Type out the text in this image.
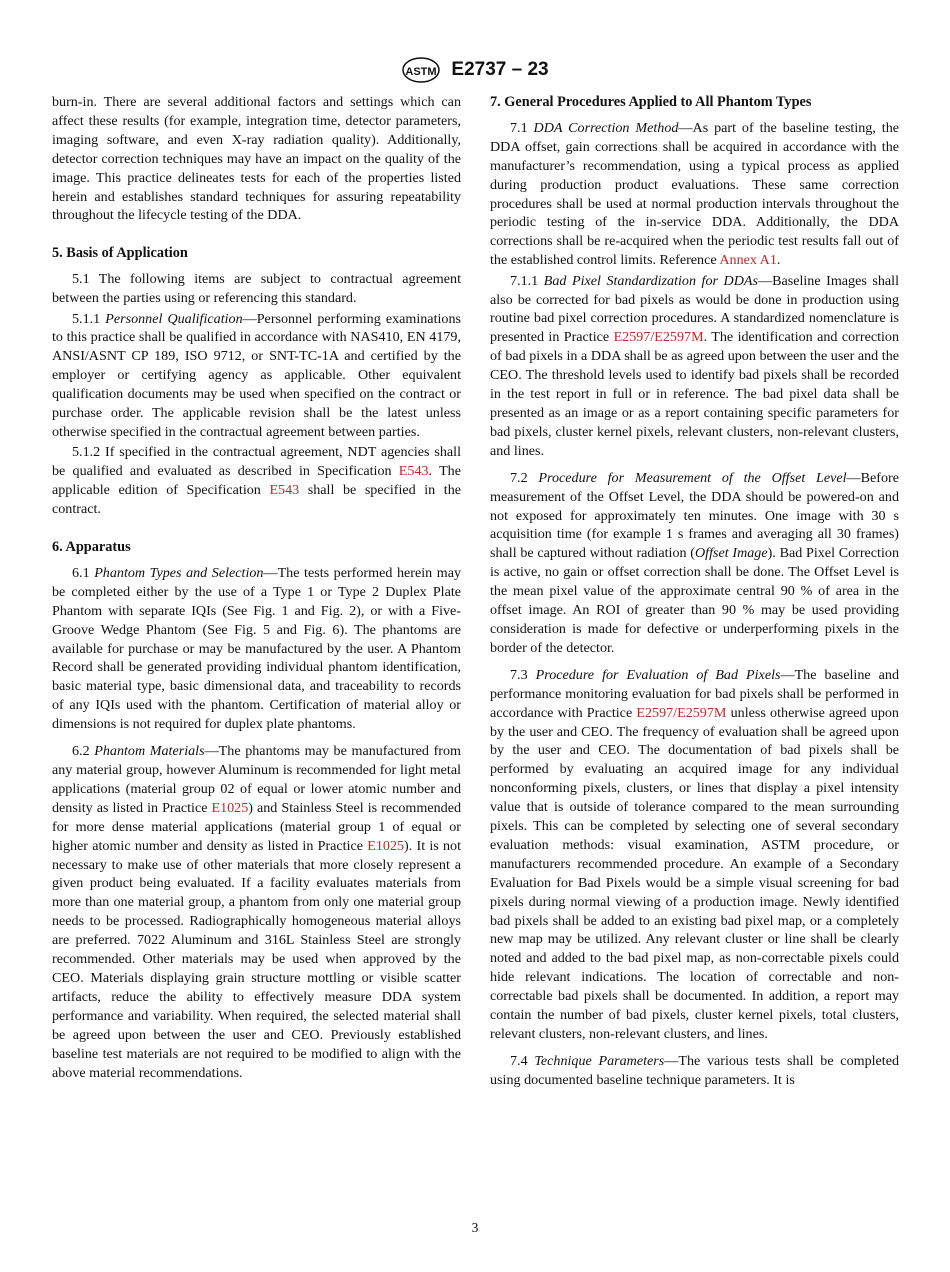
ASTM E2737 – 23

burn-in. There are several additional factors and settings which can affect these results (for example, integration time, detector parameters, imaging software, and even X-ray radiation quality). Additionally, detector correction techniques may have an impact on the quality of the image. This practice delineates tests for each of the properties listed herein and establishes standard techniques for assuring repeatability throughout the lifecycle testing of the DDA.

5. Basis of Application

5.1 The following items are subject to contractual agreement between the parties using or referencing this standard.

5.1.1 Personnel Qualification—Personnel performing examinations to this practice shall be qualified in accordance with NAS410, EN 4179, ANSI/ASNT CP 189, ISO 9712, or SNT-TC-1A and certified by the employer or certifying agency as applicable. Other equivalent qualification documents may be used when specified on the contract or purchase order. The applicable revision shall be the latest unless otherwise specified in the contractual agreement between parties.

5.1.2 If specified in the contractual agreement, NDT agencies shall be qualified and evaluated as described in Specification E543. The applicable edition of Specification E543 shall be specified in the contract.

6. Apparatus

6.1 Phantom Types and Selection—The tests performed herein may be completed either by the use of a Type 1 or Type 2 Duplex Plate Phantom with separate IQIs (See Fig. 1 and Fig. 2), or with a Five-Groove Wedge Phantom (See Fig. 5 and Fig. 6). The phantoms are available for purchase or may be manufactured by the user. A Phantom Record shall be generated providing individual phantom identification, basic material type, basic dimensional data, and traceability to records of any IQIs used with the phantom. Certification of material alloy or dimensions is not required for duplex plate phantoms.

6.2 Phantom Materials—The phantoms may be manufactured from any material group, however Aluminum is recommended for light metal applications (material group 02 of equal or lower atomic number and density as listed in Practice E1025) and Stainless Steel is recommended for more dense material applications (material group 1 of equal or higher atomic number and density as listed in Practice E1025). It is not necessary to make use of other materials that more closely represent a given product being evaluated. If a facility evaluates materials from more than one material group, a phantom from only one material group needs to be processed. Radiographically homogeneous material alloys are preferred. 7022 Aluminum and 316L Stainless Steel are strongly recommended. Other materials may be used when approved by the CEO. Materials displaying grain structure mottling or visible scatter artifacts, reduce the ability to effectively measure DDA system performance and variability. When required, the selected material shall be agreed upon between the user and CEO. Previously established baseline test materials are not required to be modified to align with the above material recommendations.

7. General Procedures Applied to All Phantom Types

7.1 DDA Correction Method—As part of the baseline testing, the DDA offset, gain corrections shall be acquired in accordance with the manufacturer’s recommendation, using a typical process as applied during production product evaluations. These same correction procedures shall be used at normal production intervals throughout the periodic testing of the in-service DDA. Additionally, the DDA corrections shall be re-acquired when the periodic test results fall out of the established control limits. Reference Annex A1.

7.1.1 Bad Pixel Standardization for DDAs—Baseline Images shall also be corrected for bad pixels as would be done in production using routine bad pixel correction procedures. A standardized nomenclature is presented in Practice E2597/E2597M. The identification and correction of bad pixels in a DDA shall be as agreed upon between the user and the CEO. The threshold levels used to identify bad pixels shall be recorded in the test report in full or in reference. The bad pixel data shall be presented as an image or as a report containing specific parameters for bad pixels, cluster kernel pixels, relevant clusters, non-relevant clusters, and lines.

7.2 Procedure for Measurement of the Offset Level—Before measurement of the Offset Level, the DDA should be powered-on and not exposed for approximately ten minutes. One image with 30 s acquisition time (for example 1 s frames and averaging all 30 frames) shall be captured without radiation (Offset Image). Bad Pixel Correction is active, no gain or offset correction shall be done. The Offset Level is the mean pixel value of the approximate central 90 % of area in the offset image. An ROI of greater than 90 % may be used providing consideration is made for defective or underperforming pixels in the border of the detector.

7.3 Procedure for Evaluation of Bad Pixels—The baseline and performance monitoring evaluation for bad pixels shall be performed in accordance with Practice E2597/E2597M unless otherwise agreed upon by the user and CEO. The frequency of evaluation shall be agreed upon by the user and CEO. The documentation of bad pixels shall be performed by evaluating an acquired image for any individual nonconforming pixels, clusters, or lines that display a pixel intensity value that is outside of tolerance compared to the mean surrounding pixels. This can be completed by selecting one of several secondary evaluation methods: visual examination, ASTM procedure, or manufacturers recommended procedure. An example of a Secondary Evaluation for Bad Pixels would be a simple visual screening for bad pixels during normal viewing of a production image. Newly identified bad pixels shall be added to an existing bad pixel map, or a completely new map may be utilized. Any relevant cluster or line shall be clearly noted and added to the bad pixel map, as non-correctable pixels could hide relevant indications. The location of correctable and non-correctable bad pixels shall be documented. In addition, a report may contain the number of bad pixels, cluster kernel pixels, total clusters, relevant clusters, non-relevant clusters, and lines.

7.4 Technique Parameters—The various tests shall be completed using documented baseline technique parameters. It is

3
